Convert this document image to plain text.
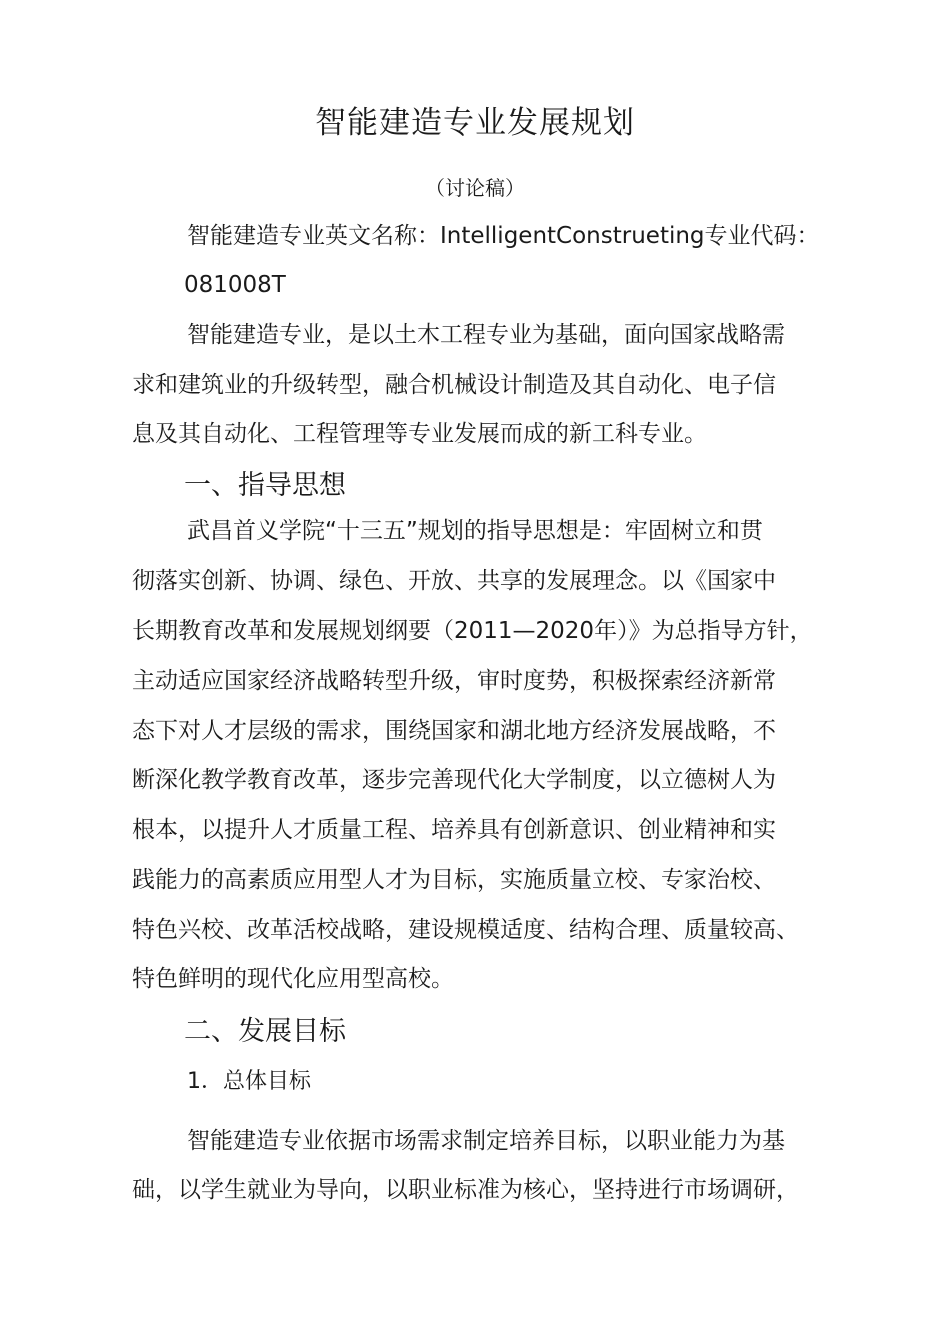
智能建造专业发展规划
（讨论稿）
智能建造专业英文名称：IntelligentConstrueting专业代码：
081008T
智能建造专业，是以土木工程专业为基础，面向国家战略需
求和建筑业的升级转型，融合机械设计制造及其自动化、电子信
息及其自动化、工程管理等专业发展而成的新工科专业。
一、指导思想
武昌首义学院“十三五”规划的指导思想是：牢固树立和贯
彻落实创新、协调、绿色、开放、共享的发展理念。以《国家中
长期教育改革和发展规划纲要（2011—2020年）》为总指导方针，
主动适应国家经济战略转型升级，审时度势，积极探索经济新常
态下对人才层级的需求，围绕国家和湖北地方经济发展战略，不
断深化教学教育改革，逐步完善现代化大学制度，以立德树人为
根本，以提升人才质量工程、培养具有创新意识、创业精神和实
践能力的高素质应用型人才为目标，实施质量立校、专家治校、
特色兴校、改革活校战略，建设规模适度、结构合理、质量较高、
特色鲜明的现代化应用型高校。
二、发展目标
1．总体目标
智能建造专业依据市场需求制定培养目标，以职业能力为基
础，以学生就业为导向，以职业标准为核心，坚持进行市场调研，
